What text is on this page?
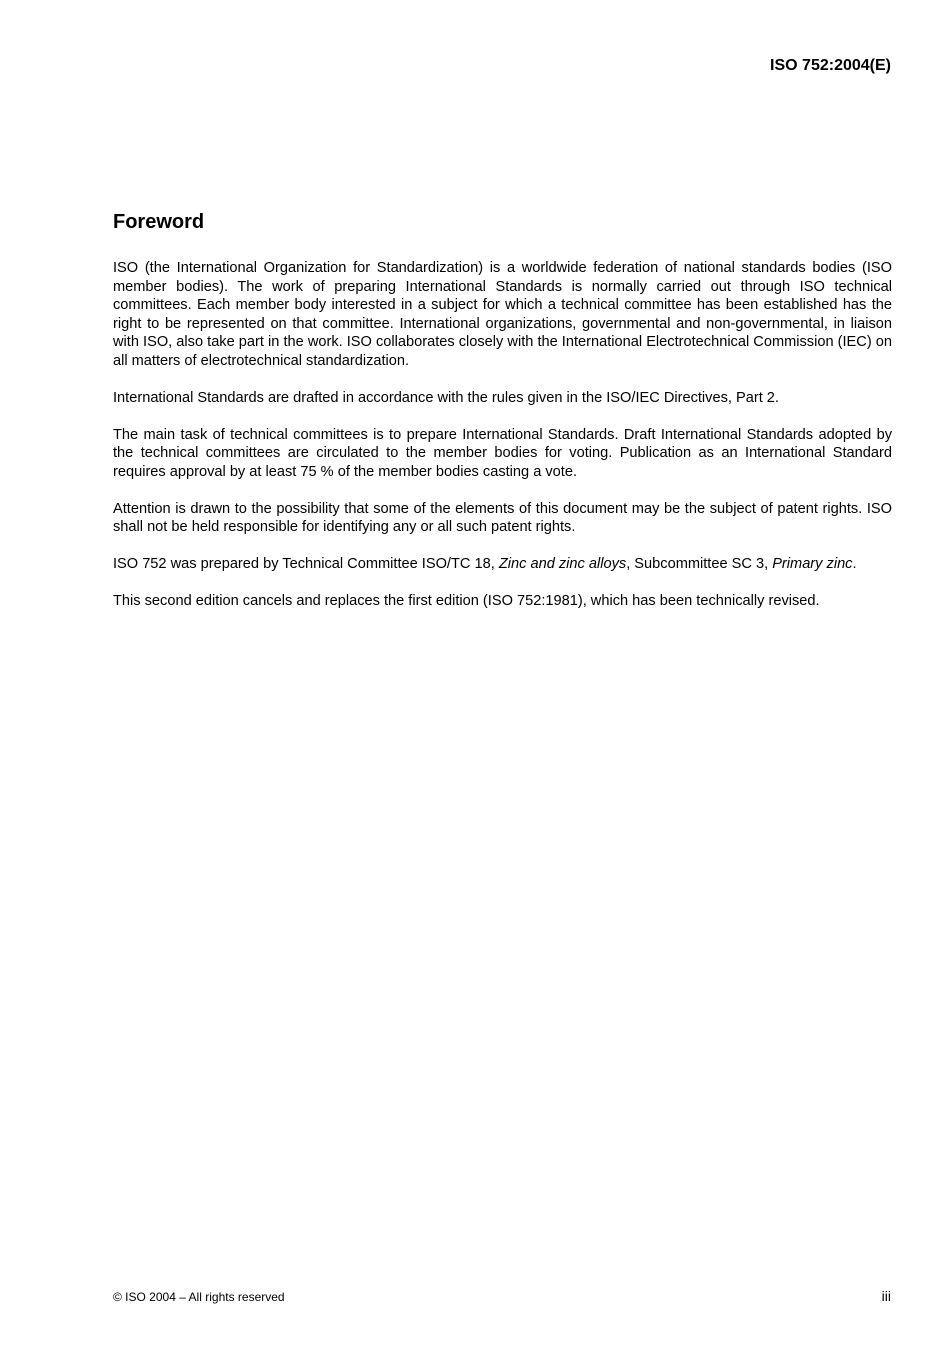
ISO 752:2004(E)

Foreword

ISO (the International Organization for Standardization) is a worldwide federation of national standards bodies (ISO member bodies). The work of preparing International Standards is normally carried out through ISO technical committees. Each member body interested in a subject for which a technical committee has been established has the right to be represented on that committee. International organizations, governmental and non-governmental, in liaison with ISO, also take part in the work. ISO collaborates closely with the International Electrotechnical Commission (IEC) on all matters of electrotechnical standardization.

International Standards are drafted in accordance with the rules given in the ISO/IEC Directives, Part 2.

The main task of technical committees is to prepare International Standards. Draft International Standards adopted by the technical committees are circulated to the member bodies for voting. Publication as an International Standard requires approval by at least 75 % of the member bodies casting a vote.

Attention is drawn to the possibility that some of the elements of this document may be the subject of patent rights. ISO shall not be held responsible for identifying any or all such patent rights.

ISO 752 was prepared by Technical Committee ISO/TC 18, Zinc and zinc alloys, Subcommittee SC 3, Primary zinc.

This second edition cancels and replaces the first edition (ISO 752:1981), which has been technically revised.

© ISO 2004 – All rights reserved	iii
